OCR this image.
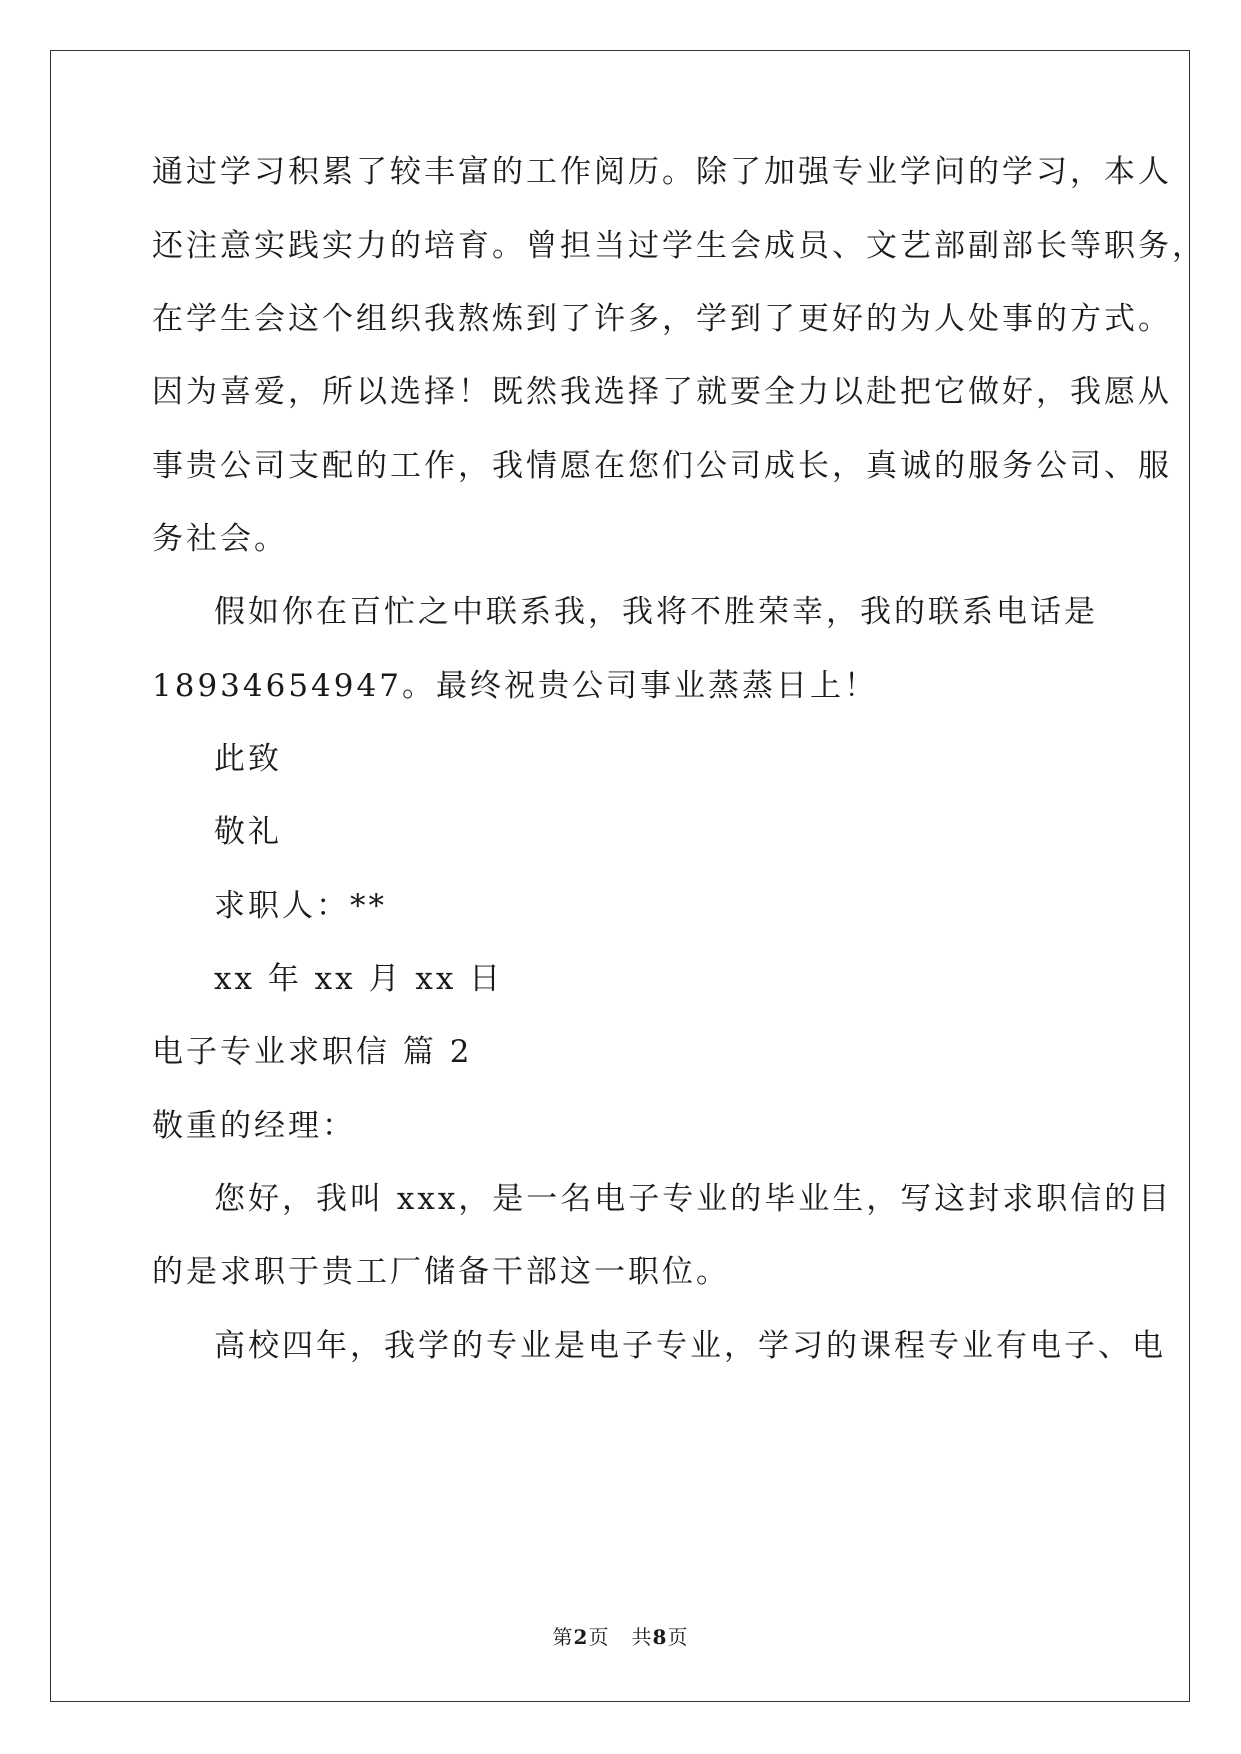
通过学习积累了较丰富的工作阅历。除了加强专业学问的学习，本人
还注意实践实力的培育。曾担当过学生会成员、文艺部副部长等职务，
在学生会这个组织我熬炼到了许多，学到了更好的为人处事的方式。
因为喜爱，所以选择！既然我选择了就要全力以赴把它做好，我愿从
事贵公司支配的工作，我情愿在您们公司成长，真诚的服务公司、服
务社会。
假如你在百忙之中联系我，我将不胜荣幸，我的联系电话是
18934654947。最终祝贵公司事业蒸蒸日上！
此致
敬礼
求职人：**
xx 年 xx 月 xx 日
电子专业求职信 篇 2
敬重的经理：
您好，我叫 xxx，是一名电子专业的毕业生，写这封求职信的目
的是求职于贵工厂储备干部这一职位。
高校四年，我学的专业是电子专业，学习的课程专业有电子、电
第2页   共8页
